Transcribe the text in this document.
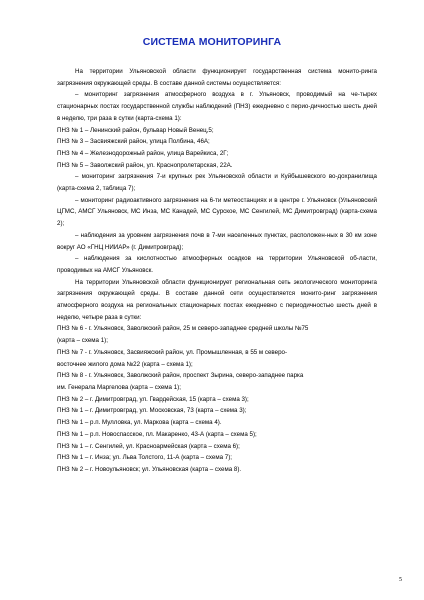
СИСТЕМА МОНИТОРИНГА

На территории Ульяновской области функционирует государственная система монито-ринга загрязнения окружающей среды. В составе данной системы осуществляется:

– мониторинг загрязнения атмосферного воздуха в г. Ульяновск, проводимый на че-тырех стационарных постах государственной службы наблюдений (ПНЗ) ежедневно с перио-дичностью шесть дней в неделю, три раза в сутки (карта-схема 1):

ПНЗ № 1 – Ленинский район, бульвар Новый Венец,5;

ПНЗ № 3 – Засвияжский район, улица Полбина, 46А;

ПНЗ № 4 – Железнодорожный район, улица Варейкиса, 2Г;

ПНЗ № 5 – Заволжский район, ул. Краснопролетарская, 22А.

– мониторинг загрязнения 7-и крупных рек Ульяновской области и Куйбышевского во-дохранилища (карта-схема 2, таблица 7);

– мониторинг радиоактивного загрязнения на 6-ти метеостанциях и в центре г. Ульяновск (Ульяновский ЦГМС, АМСГ Ульяновск, МС Инза, МС Канадей, МС Сурское, МС Сенгилей, МС Димитровград) (карта-схема 2);

– наблюдения за уровнем загрязнения почв в 7-ми населенных пунктах, расположен-ных в 30 км зоне вокруг АО «ГНЦ НИИАР» (г. Димитровград);

– наблюдения за кислотностью атмосферных осадков на территории Ульяновской об-ласти, проводимых на АМСГ Ульяновск.

На территории Ульяновской области функционирует региональная сеть экологического мониторинга загрязнения окружающей среды. В составе данной сети осуществляется монито-ринг загрязнения атмосферного воздуха на региональных стационарных постах ежедневно с периодичностью шесть дней в неделю, четыре раза в сутки:

ПНЗ № 6 - г. Ульяновск, Заволжский район, 25 м северо-западнее средней школы №75

(карта – схема 1);

ПНЗ № 7 - г. Ульяновск, Засвияжский район, ул. Промышленная, в 55 м северо-

восточнее жилого дома №22 (карта – схема 1);

ПНЗ № 8 - г. Ульяновск, Заволжский район, проспект Зырина, северо-западнее парка

им. Генерала Маргелова (карта – схема 1);

ПНЗ № 2 – г. Димитровград, ул. Гвардейская, 15 (карта – схема 3);

ПНЗ № 1 – г. Димитровград, ул. Московская, 73 (карта – схема 3);

ПНЗ № 1 – р.п. Мулловка, ул. Маркова (карта – схема 4).

ПНЗ № 1 – р.п. Новоспасское, пл. Макаренко, 43-А (карта – схема 5);

ПНЗ № 1 – г. Сенгилей, ул. Красноармейская (карта – схема 6);

ПНЗ № 1 – г. Инза; ул. Льва Толстого, 11-А (карта – схема 7);

ПНЗ № 2 – г. Новоульяновск; ул. Ульяновская (карта – схема 8).

5
